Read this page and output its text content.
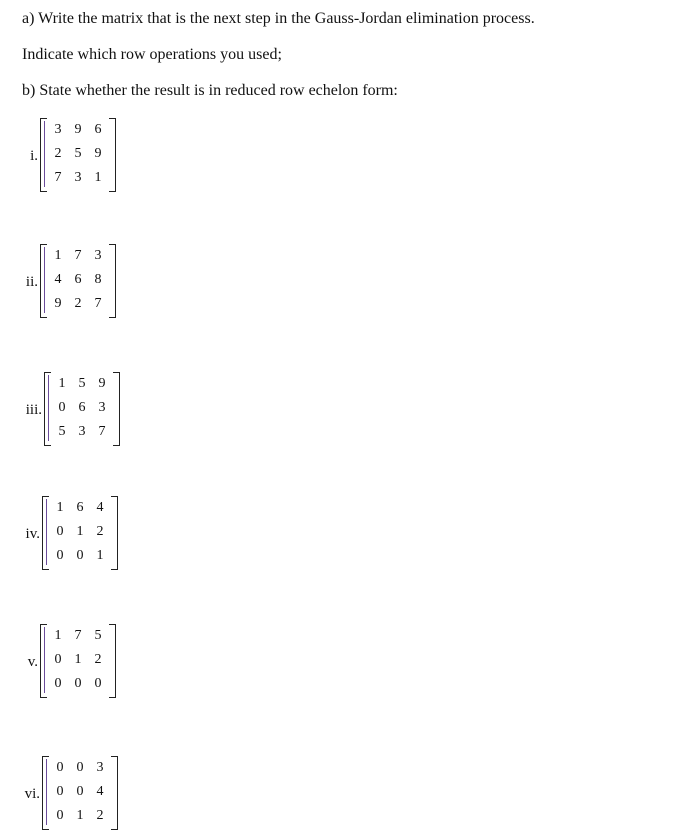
a) Write the matrix that is the next step in the Gauss-Jordan elimination process.
Indicate which row operations you used;
b) State whether the result is in reduced row echelon form:
i.
3 9 6
2 5 9
7 3 1
ii.
1 7 3
4 6 8
9 2 7
iii.
1 5 9
0 6 3
5 3 7
iv.
1 6 4
0 1 2
0 0 1
v.
1 7 5
0 1 2
0 0 0
vi.
0 0 3
0 0 4
0 1 2
